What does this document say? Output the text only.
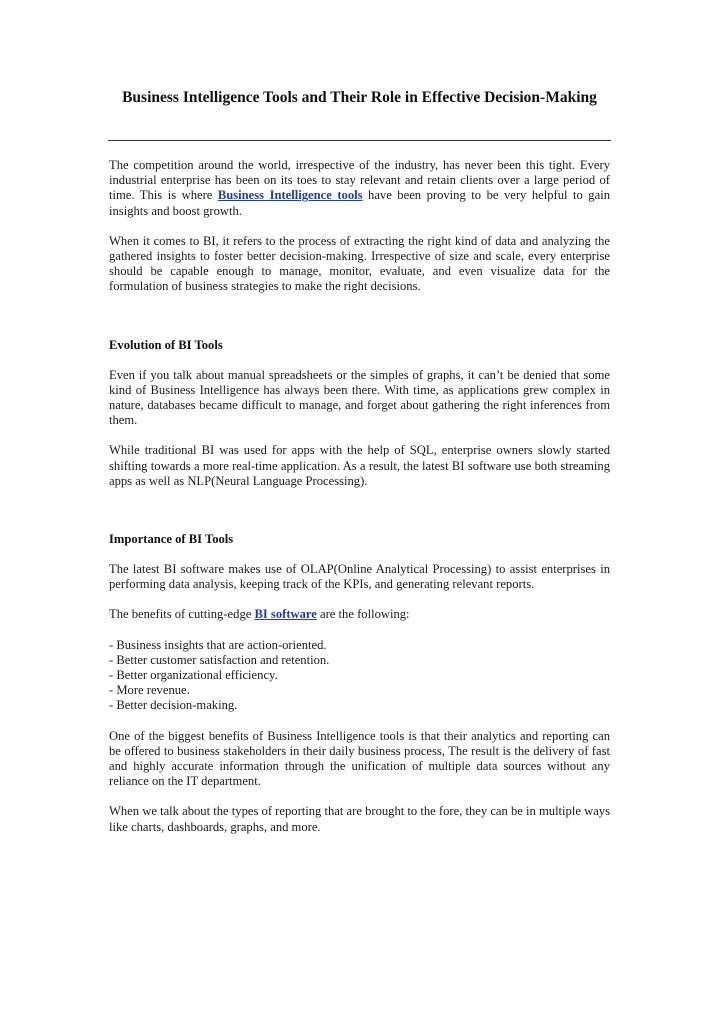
Business Intelligence Tools and Their Role in Effective Decision-Making

The competition around the world, irrespective of the industry, has never been this tight. Every industrial enterprise has been on its toes to stay relevant and retain clients over a large period of time. This is where Business Intelligence tools have been proving to be very helpful to gain insights and boost growth.

When it comes to BI, it refers to the process of extracting the right kind of data and analyzing the gathered insights to foster better decision-making. Irrespective of size and scale, every enterprise should be capable enough to manage, monitor, evaluate, and even visualize data for the formulation of business strategies to make the right decisions.

Evolution of BI Tools

Even if you talk about manual spreadsheets or the simples of graphs, it can’t be denied that some kind of Business Intelligence has always been there. With time, as applications grew complex in nature, databases became difficult to manage, and forget about gathering the right inferences from them.

While traditional BI was used for apps with the help of SQL, enterprise owners slowly started shifting towards a more real-time application. As a result, the latest BI software use both streaming apps as well as NLP(Neural Language Processing).

Importance of BI Tools

The latest BI software makes use of OLAP(Online Analytical Processing) to assist enterprises in performing data analysis, keeping track of the KPIs, and generating relevant reports.

The benefits of cutting-edge BI software are the following:

- Business insights that are action-oriented.
- Better customer satisfaction and retention.
- Better organizational efficiency.
- More revenue.
- Better decision-making.

One of the biggest benefits of Business Intelligence tools is that their analytics and reporting can be offered to business stakeholders in their daily business process, The result is the delivery of fast and highly accurate information through the unification of multiple data sources without any reliance on the IT department.

When we talk about the types of reporting that are brought to the fore, they can be in multiple ways like charts, dashboards, graphs, and more.
